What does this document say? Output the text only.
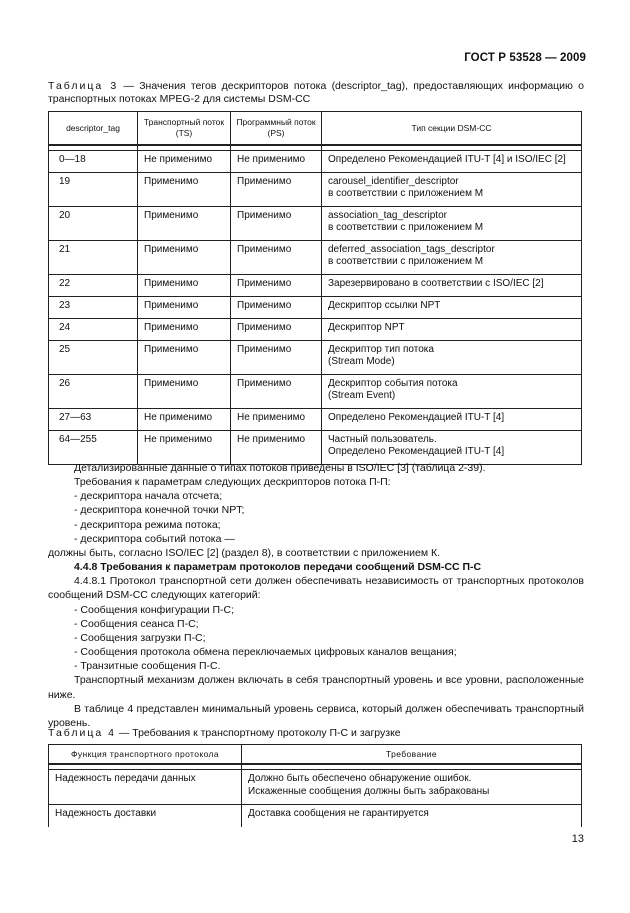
ГОСТ Р 53528 — 2009
Таблица 3 — Значения тегов дескрипторов потока (descriptor_tag), предоставляющих информацию о транспортных потоках MPEG-2 для системы DSM-CC
descriptor_tag	Транспортный поток (TS)	Программный поток (PS)	Тип секции DSM-CC

0—18	Не применимо	Не применимо	Определено Рекомендацией ITU-T [4] и ISO/IEC [2]
19	Применимо	Применимо	carousel_identifier_descriptor
в соответствии с приложением М
20	Применимо	Применимо	association_tag_descriptor
в соответствии с приложением М
21	Применимо	Применимо	deferred_association_tags_descriptor
в соответствии с приложением М
22	Применимо	Применимо	Зарезервировано в соответствии с ISO/IEC [2]
23	Применимо	Применимо	Дескриптор ссылки NPT
24	Применимо	Применимо	Дескриптор NPT
25	Применимо	Применимо	Дескриптор тип потока
(Stream Mode)
26	Применимо	Применимо	Дескриптор события потока
(Stream Event)
27—63	Не применимо	Не применимо	Определено Рекомендацией ITU-T [4]
64—255	Не применимо	Не применимо	Частный пользователь.
Определено Рекомендацией ITU-T [4]

Детализированные данные о типах потоков приведены в ISO/IEC [3] (таблица 2-39).

Требования к параметрам следующих дескрипторов потока П-П:

- дескриптора начала отсчета;

- дескриптора конечной точки NPT;

- дескриптора режима потока;

- дескриптора событий потока —

должны быть, согласно ISO/IEC [2] (раздел 8), в соответствии с приложением К.

4.4.8 Требования к параметрам протоколов передачи сообщений DSM-CC П-С

4.4.8.1 Протокол транспортной сети должен обеспечивать независимость от транспортных протоколов сообщений DSM-CC следующих категорий:

- Сообщения конфигурации П-С;

- Сообщения сеанса П-С;

- Сообщения загрузки П-С;

- Сообщения протокола обмена переключаемых цифровых каналов вещания;

- Транзитные сообщения П-С.

Транспортный механизм должен включать в себя транспортный уровень и все уровни, расположенные ниже.

В таблице 4 представлен минимальный уровень сервиса, который должен обеспечивать транспортный уровень.

Таблица 4 — Требования к транспортному протоколу П-С и загрузке
Функция транспортного протокола	Требование

Надежность передачи данных	Должно быть обеспечено обнаружение ошибок.
Искаженные сообщения должны быть забракованы
Надежность доставки	Доставка сообщения не гарантируется
13
